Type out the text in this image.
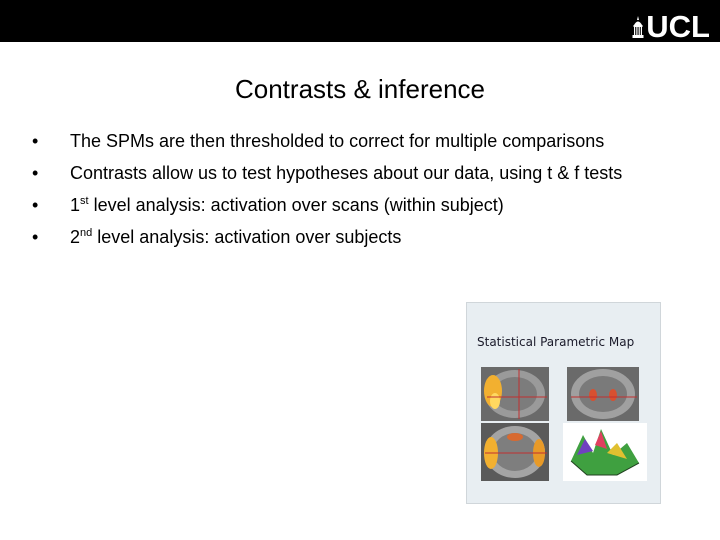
UCL
Contrasts & inference
• The SPMs are then thresholded to correct for multiple comparisons
• Contrasts allow us to test hypotheses about our data, using t & f tests
• 1st level analysis: activation over scans (within subject)
• 2nd level analysis: activation over subjects
Statistical Parametric Map
